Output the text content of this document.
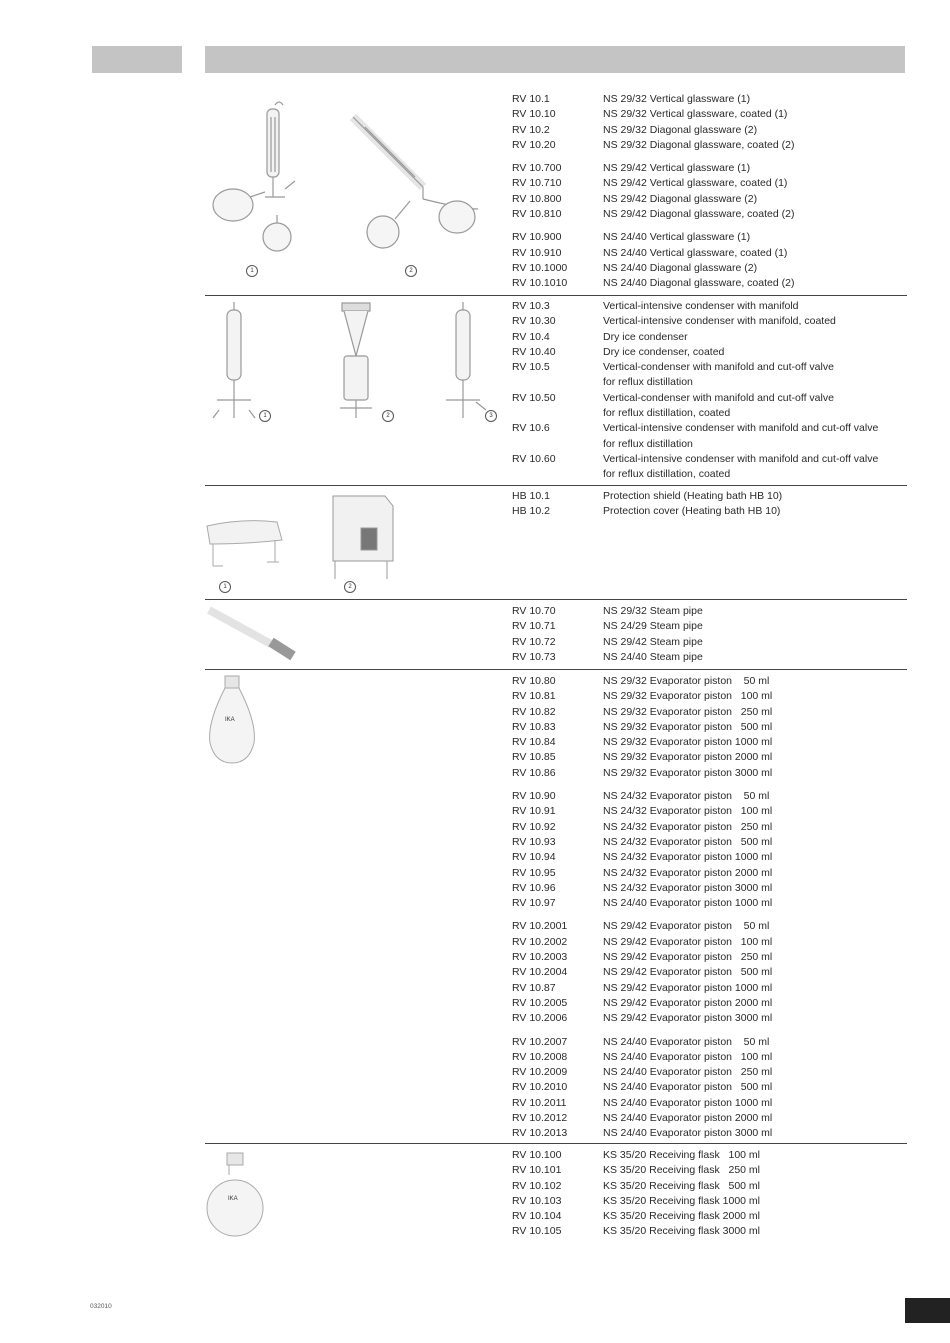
1	2
RV 10.1	NS 29/32 Vertical glassware (1)
RV 10.10	NS 29/32 Vertical glassware, coated (1)
RV 10.2	NS 29/32 Diagonal glassware (2)
RV 10.20	NS 29/32 Diagonal glassware, coated (2)
RV 10.700	NS 29/42 Vertical glassware (1)
RV 10.710	NS 29/42 Vertical glassware, coated (1)
RV 10.800	NS 29/42 Diagonal glassware (2)
RV 10.810	NS 29/42 Diagonal glassware, coated (2)
RV 10.900	NS 24/40 Vertical glassware (1)
RV 10.910	NS 24/40 Vertical glassware, coated (1)
RV 10.1000	NS 24/40 Diagonal glassware (2)
RV 10.1010	NS 24/40 Diagonal glassware, coated (2)
1	2	3
RV 10.3	Vertical-intensive condenser with manifold
RV 10.30	Vertical-intensive condenser with manifold, coated
RV 10.4	Dry ice condenser
RV 10.40	Dry ice condenser, coated
RV 10.5	Vertical-condenser with manifold and cut-off valve
for reflux distillation
RV 10.50	Vertical-condenser with manifold and cut-off valve
for reflux distillation, coated
RV 10.6	Vertical-intensive condenser with manifold and cut-off valve
for reflux distillation
RV 10.60	Vertical-intensive condenser with manifold and cut-off valve
for reflux distillation, coated
1	2
HB 10.1	Protection shield (Heating bath HB 10)
HB 10.2	Protection cover (Heating bath HB 10)
RV 10.70	NS 29/32 Steam pipe
RV 10.71	NS 24/29 Steam pipe
RV 10.72	NS 29/42 Steam pipe
RV 10.73	NS 24/40 Steam pipe
IKA
RV 10.80	NS 29/32 Evaporator piston    50 ml
RV 10.81	NS 29/32 Evaporator piston   100 ml
RV 10.82	NS 29/32 Evaporator piston   250 ml
RV 10.83	NS 29/32 Evaporator piston   500 ml
RV 10.84	NS 29/32 Evaporator piston 1000 ml
RV 10.85	NS 29/32 Evaporator piston 2000 ml
RV 10.86	NS 29/32 Evaporator piston 3000 ml
RV 10.90	NS 24/32 Evaporator piston    50 ml
RV 10.91	NS 24/32 Evaporator piston   100 ml
RV 10.92	NS 24/32 Evaporator piston   250 ml
RV 10.93	NS 24/32 Evaporator piston   500 ml
RV 10.94	NS 24/32 Evaporator piston 1000 ml
RV 10.95	NS 24/32 Evaporator piston 2000 ml
RV 10.96	NS 24/32 Evaporator piston 3000 ml
RV 10.97	NS 24/40 Evaporator piston 1000 ml
RV 10.2001	NS 29/42 Evaporator piston    50 ml
RV 10.2002	NS 29/42 Evaporator piston   100 ml
RV 10.2003	NS 29/42 Evaporator piston   250 ml
RV 10.2004	NS 29/42 Evaporator piston   500 ml
RV 10.87	NS 29/42 Evaporator piston 1000 ml
RV 10.2005	NS 29/42 Evaporator piston 2000 ml
RV 10.2006	NS 29/42 Evaporator piston 3000 ml
RV 10.2007	NS 24/40 Evaporator piston    50 ml
RV 10.2008	NS 24/40 Evaporator piston   100 ml
RV 10.2009	NS 24/40 Evaporator piston   250 ml
RV 10.2010	NS 24/40 Evaporator piston   500 ml
RV 10.2011	NS 24/40 Evaporator piston 1000 ml
RV 10.2012	NS 24/40 Evaporator piston 2000 ml
RV 10.2013	NS 24/40 Evaporator piston 3000 ml
IKA
RV 10.100	KS 35/20 Receiving flask   100 ml
RV 10.101	KS 35/20 Receiving flask   250 ml
RV 10.102	KS 35/20 Receiving flask   500 ml
RV 10.103	KS 35/20 Receiving flask 1000 ml
RV 10.104	KS 35/20 Receiving flask 2000 ml
RV 10.105	KS 35/20 Receiving flask 3000 ml
032010
